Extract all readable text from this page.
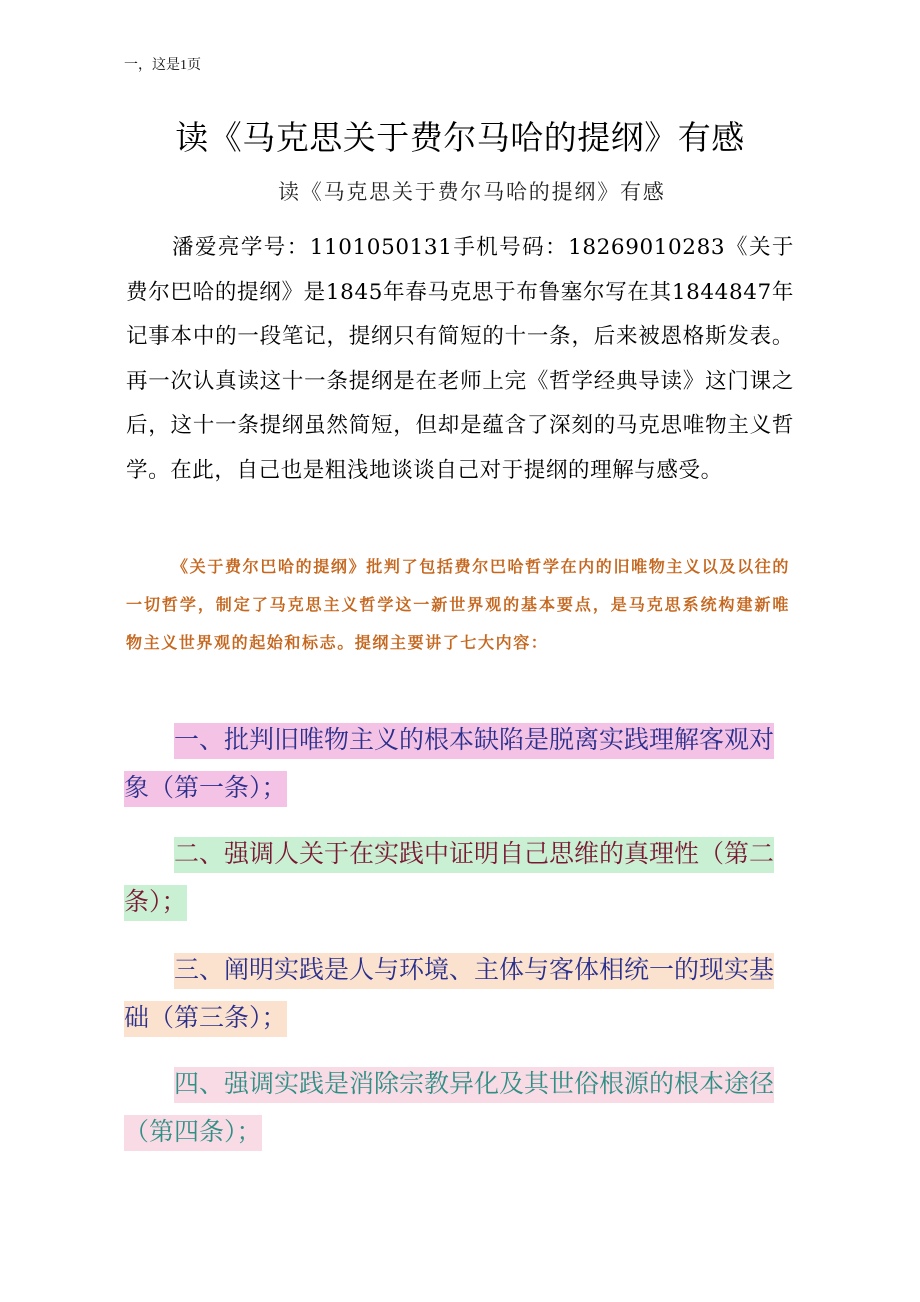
一，这是1页
读《马克思关于费尔马哈的提纲》有感
读《马克思关于费尔马哈的提纲》有感

潘爱亮学号：1101050131手机号码：18269010283《关于费尔巴哈的提纲》是1845年春马克思于布鲁塞尔写在其1844847年记事本中的一段笔记，提纲只有简短的十一条，后来被恩格斯发表。再一次认真读这十一条提纲是在老师上完《哲学经典导读》这门课之后，这十一条提纲虽然简短，但却是蕴含了深刻的马克思唯物主义哲学。在此，自己也是粗浅地谈谈自己对于提纲的理解与感受。

《关于费尔巴哈的提纲》批判了包括费尔巴哈哲学在内的旧唯物主义以及以往的一切哲学，制定了马克思主义哲学这一新世界观的基本要点，是马克思系统构建新唯物主义世界观的起始和标志。提纲主要讲了七大内容：

一、批判旧唯物主义的根本缺陷是脱离实践理解客观对象（第一条）；

二、强调人关于在实践中证明自己思维的真理性（第二条）；

三、阐明实践是人与环境、主体与客体相统一的现实基础（第三条）；

四、强调实践是消除宗教异化及其世俗根源的根本途径（第四条）；
